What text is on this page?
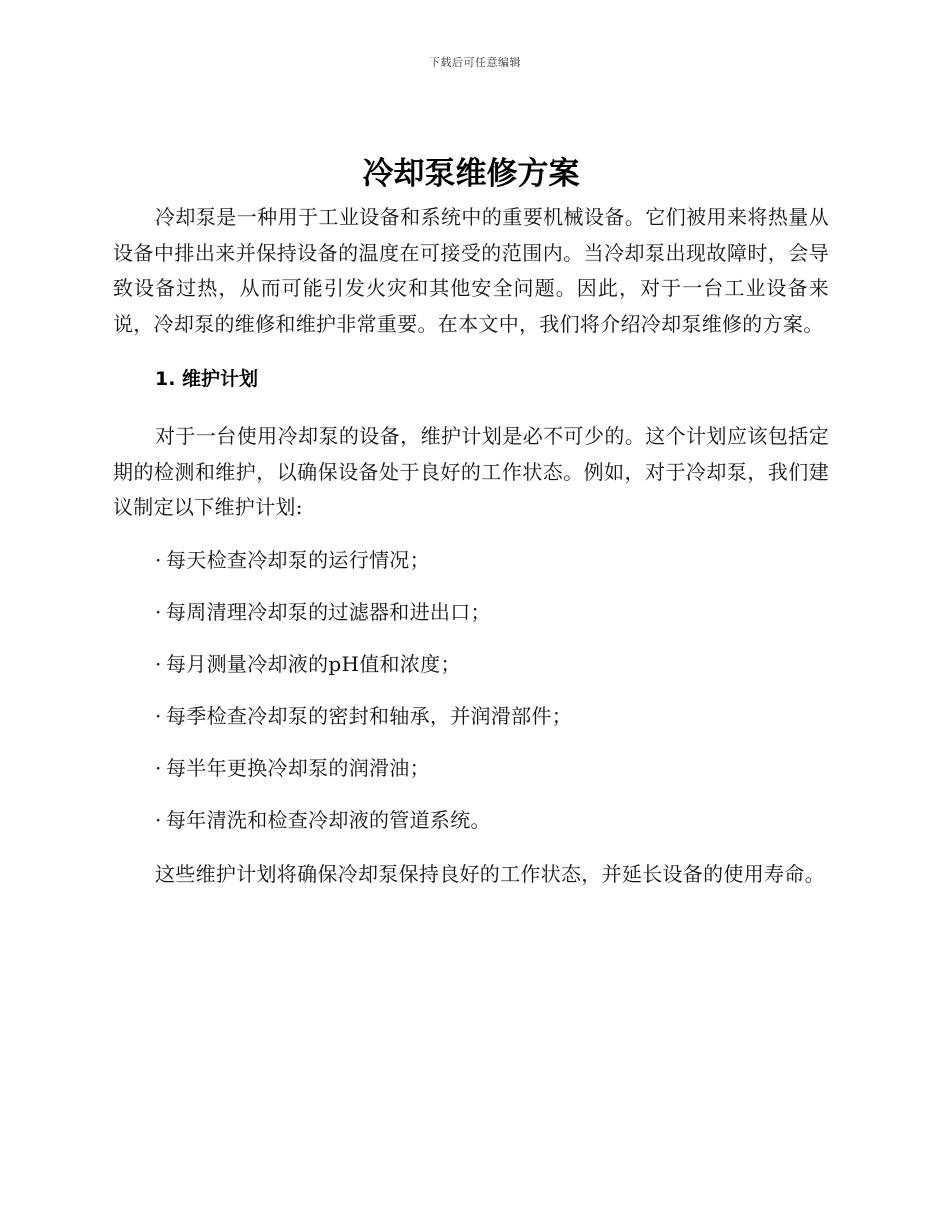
下载后可任意编辑
冷却泵维修方案

冷却泵是一种用于工业设备和系统中的重要机械设备。它们被用来将热量从设备中排出来并保持设备的温度在可接受的范围内。当冷却泵出现故障时，会导致设备过热，从而可能引发火灾和其他安全问题。因此，对于一台工业设备来说，冷却泵的维修和维护非常重要。在本文中，我们将介绍冷却泵维修的方案。

1. 维护计划

对于一台使用冷却泵的设备，维护计划是必不可少的。这个计划应该包括定期的检测和维护，以确保设备处于良好的工作状态。例如，对于冷却泵，我们建议制定以下维护计划:

· 每天检查冷却泵的运行情况；
· 每周清理冷却泵的过滤器和进出口；
· 每月测量冷却液的pH值和浓度；
· 每季检查冷却泵的密封和轴承，并润滑部件；
· 每半年更换冷却泵的润滑油；
· 每年清洗和检查冷却液的管道系统。

这些维护计划将确保冷却泵保持良好的工作状态，并延长设备的使用寿命。
